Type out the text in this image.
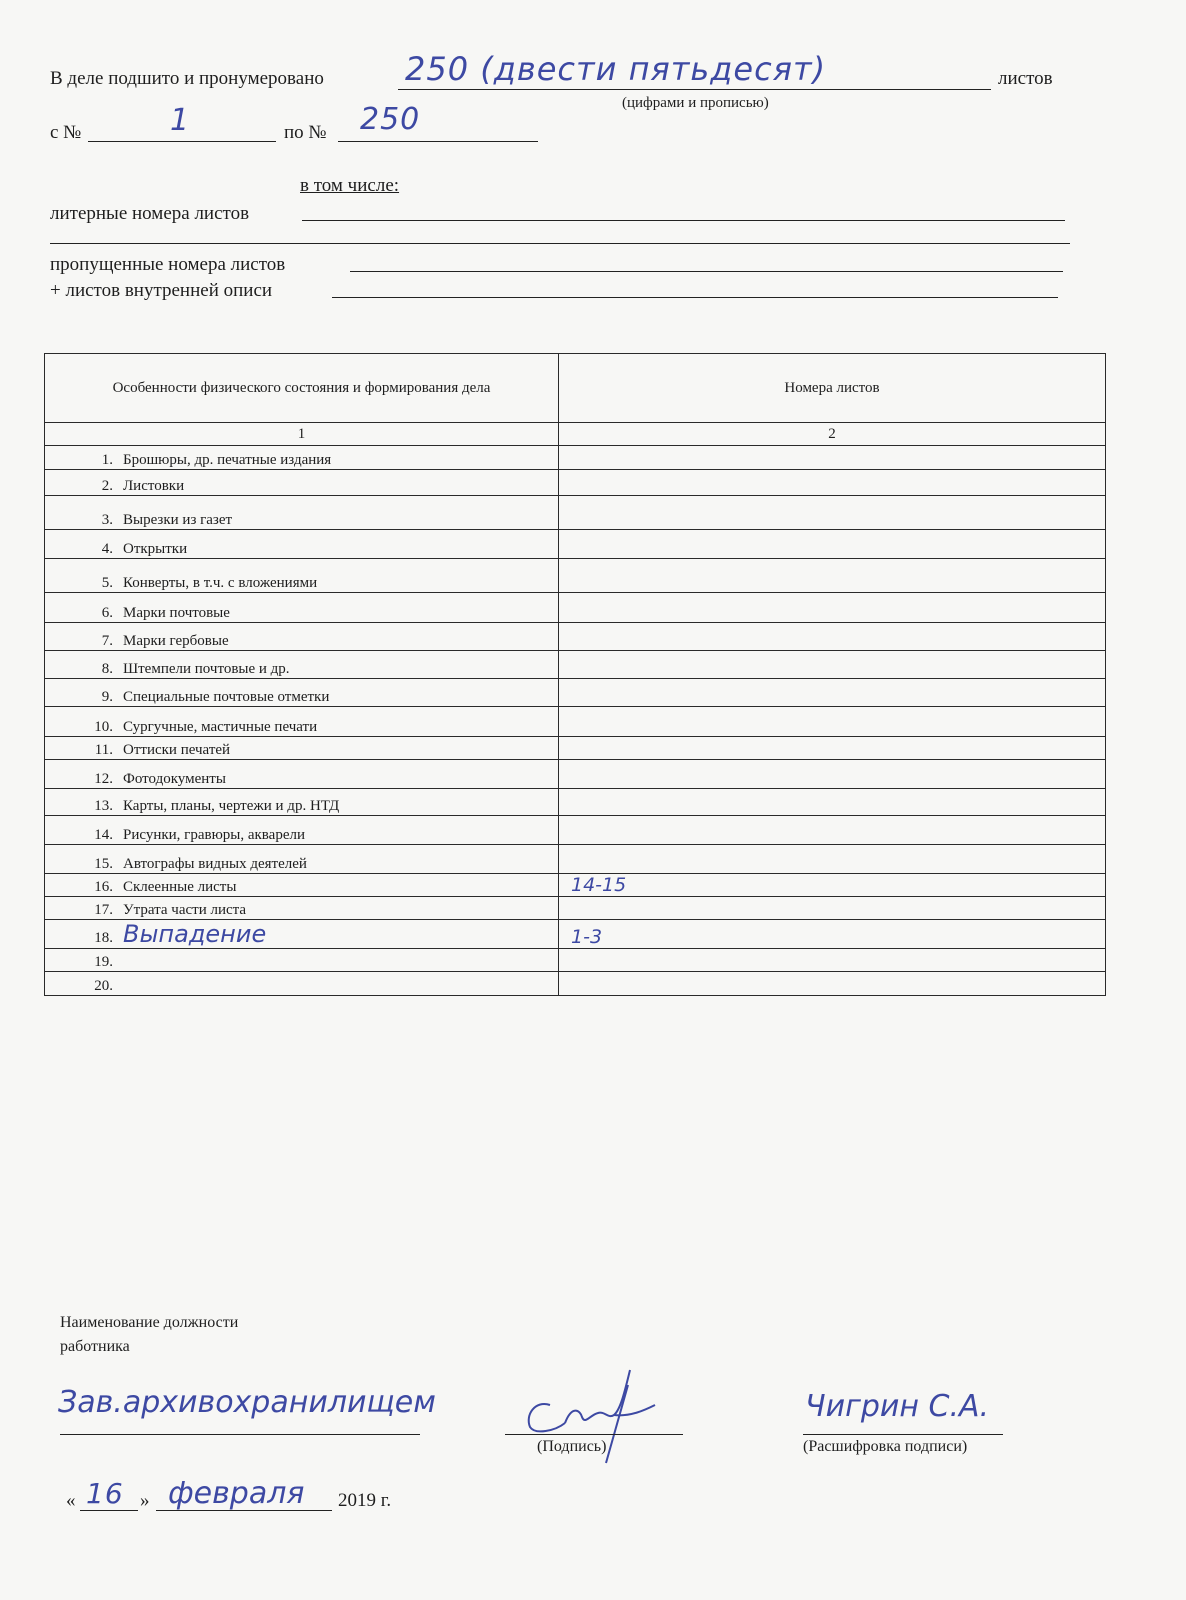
В деле подшито и пронумеровано	250 (двести пятьдесят)	листов
(цифрами и прописью)
с №	1	по № 250
в том числе:
литерные номера листов
пропущенные номера листов
+ листов внутренней описи
Особенности физического состояния и формирования дела	Номера листов
1	2
1. Брошюры, др. печатные издания	
2. Листовки	
3. Вырезки из газет	
4. Открытки	
5. Конверты, в т.ч. с вложениями	
6. Марки почтовые	
7. Марки гербовые	
8. Штемпели почтовые и др.	
9. Специальные почтовые отметки	
10. Сургучные, мастичные печати	
11. Оттиски печатей	
12. Фотодокументы	
13. Карты, планы, чертежи и др. НТД	
14. Рисунки, гравюры, акварели	
15. Автографы видных деятелей	
16. Склеенные листы	14-15
17. Утрата части листа	
18. Выпадение	1-3
19.	
20.	
Наименование должности
работника
Зав.архивохранилищем
(Подпись)
Чигрин С.А.
(Расшифровка подписи)
« 16 » февраля 2019 г.
